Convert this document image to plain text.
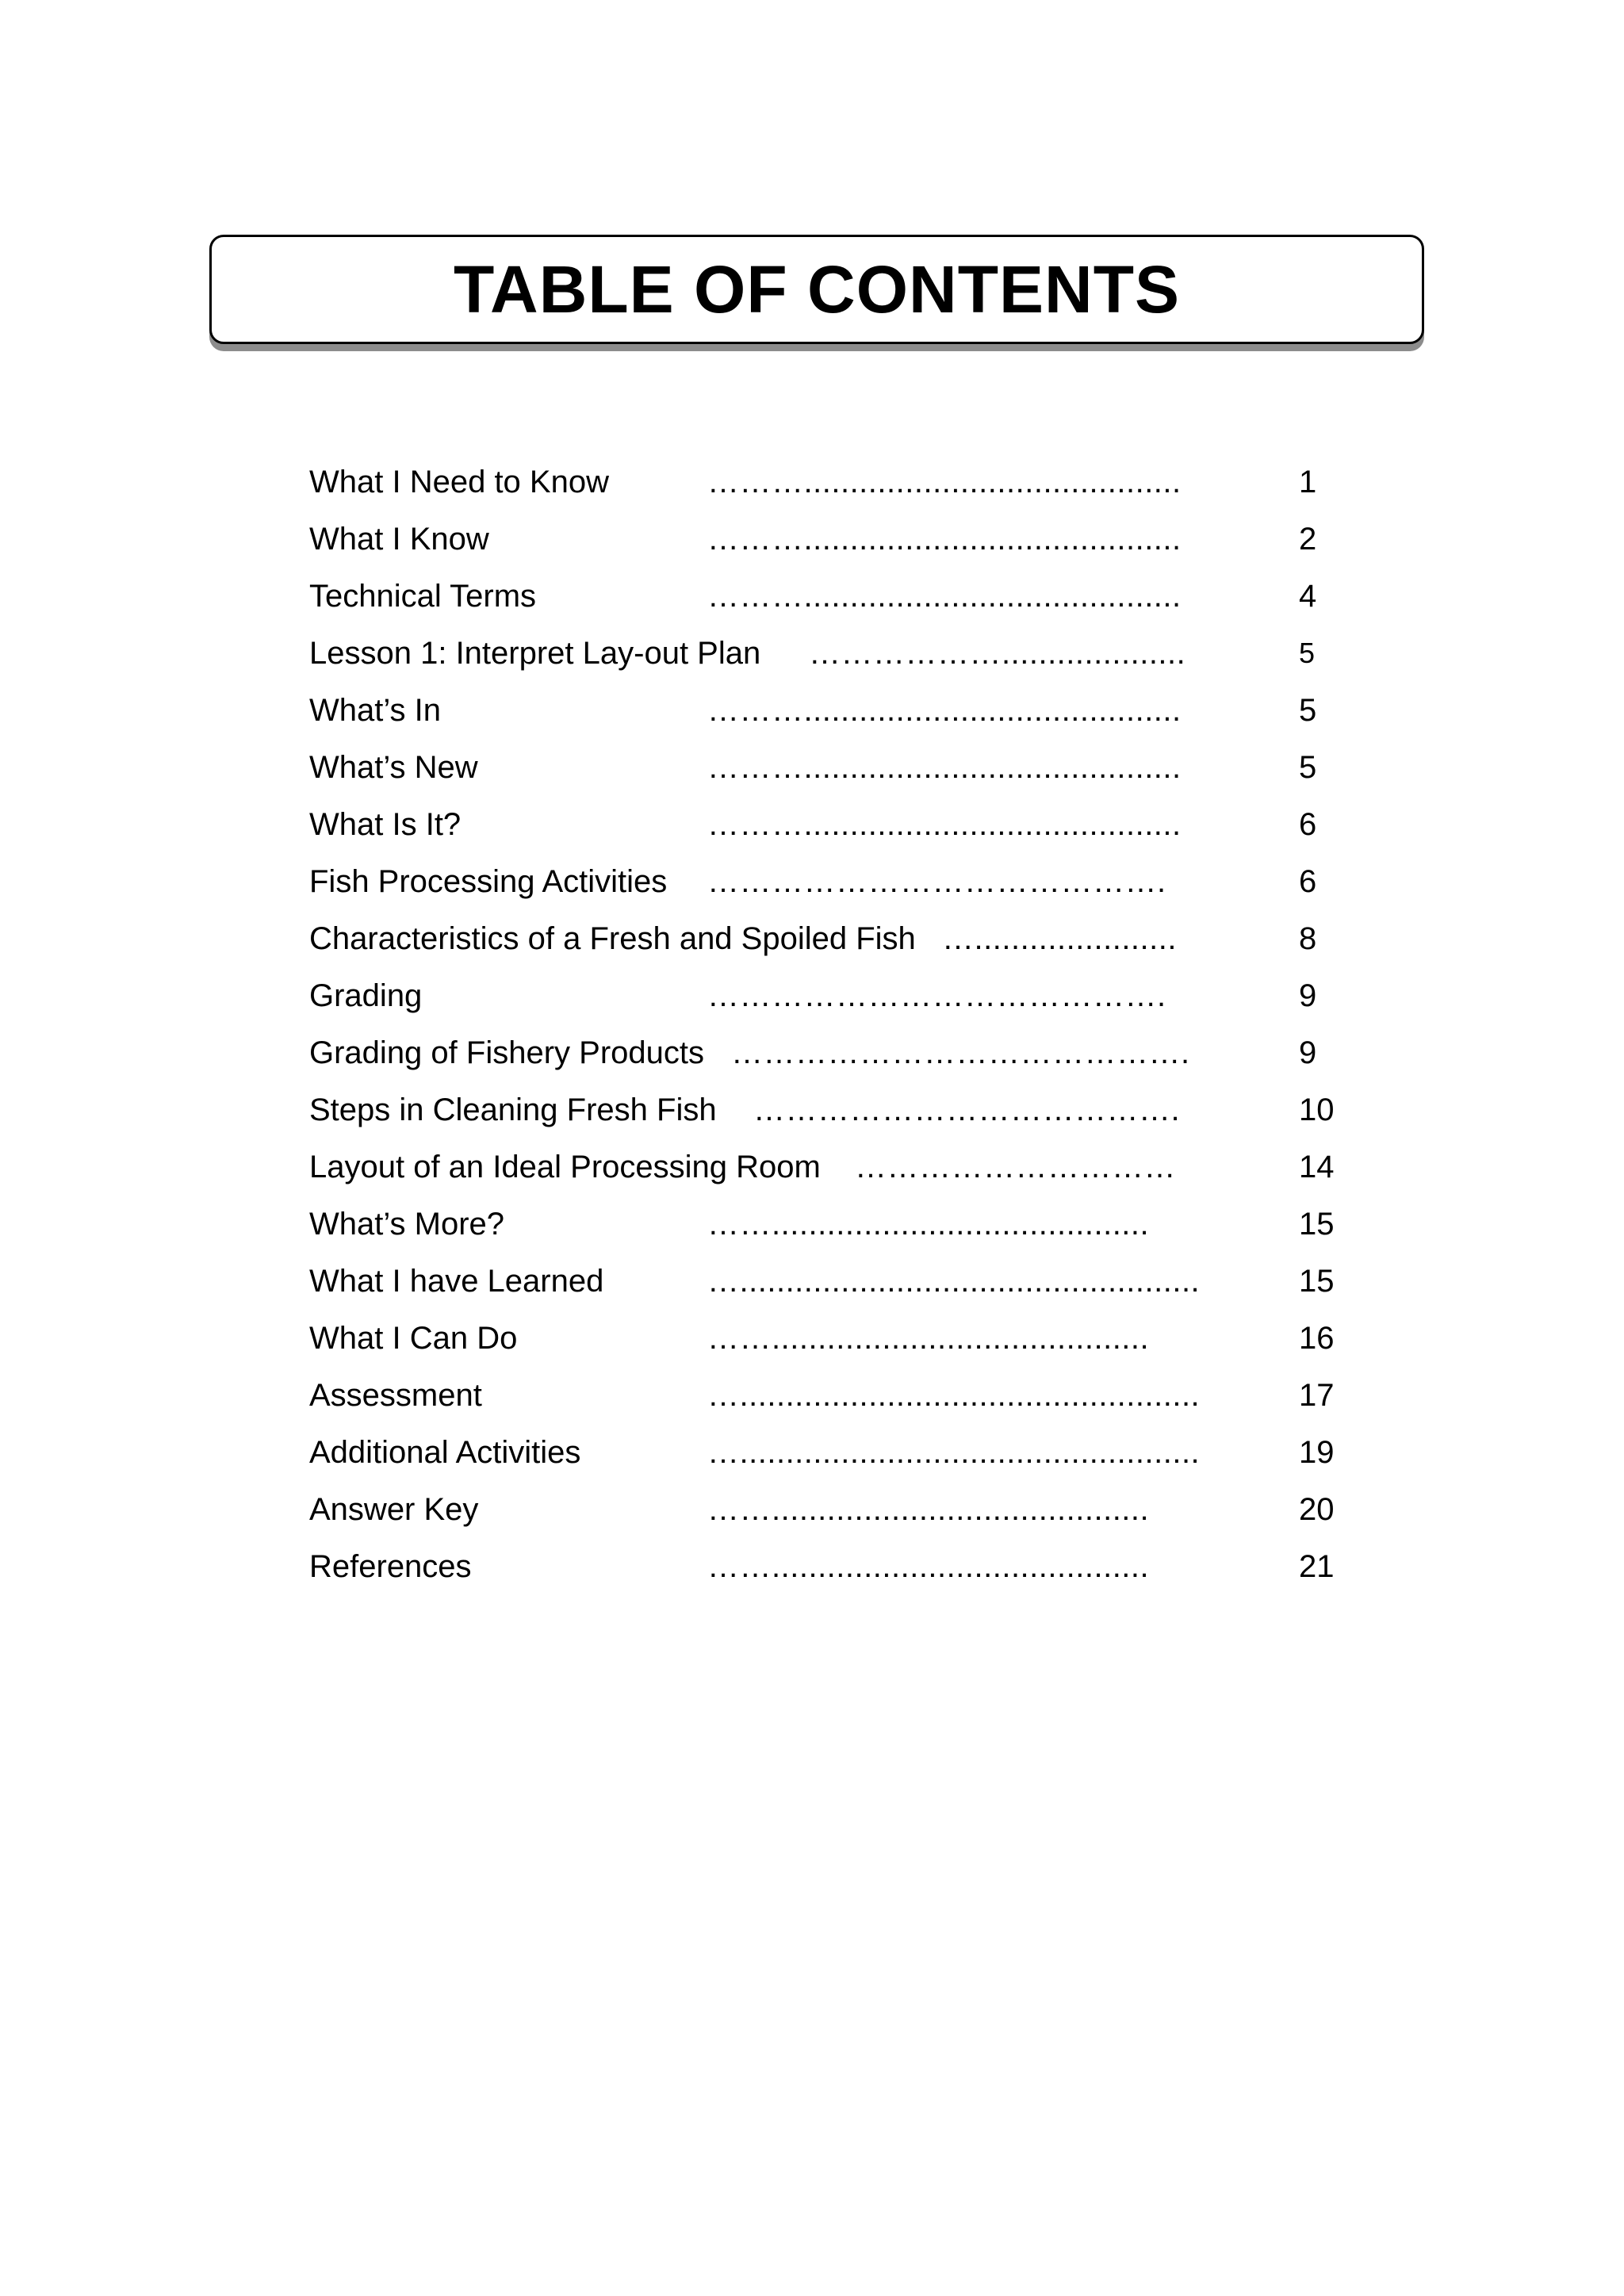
TABLE OF CONTENTS
What I Need to Know	……….........................................	1
What I Know	……….........................................	2
Technical Terms	……….........................................	4
Lesson 1: Interpret Lay-out Plan ………………....................	5
What’s In	……….........................................	5
What’s New	……….........................................	5
What Is It?	……….........................................	6
Fish Processing Activities …………………………………….	6
Characteristics of a Fresh and Spoiled Fish …......................	8
Grading	…………………………………….	9
Grading of Fishery Products …………………………………….	9
Steps in Cleaning Fresh Fish ………………………………….	10
Layout of an Ideal Processing Room …………………………	14
What’s More?	…….........................................	15
What I have Learned	…..................................................	15
What I Can Do	…….........................................	16
Assessment	…..................................................	17
Additional Activities	…..................................................	19
Answer Key	…….........................................	20
References	…….........................................	21
